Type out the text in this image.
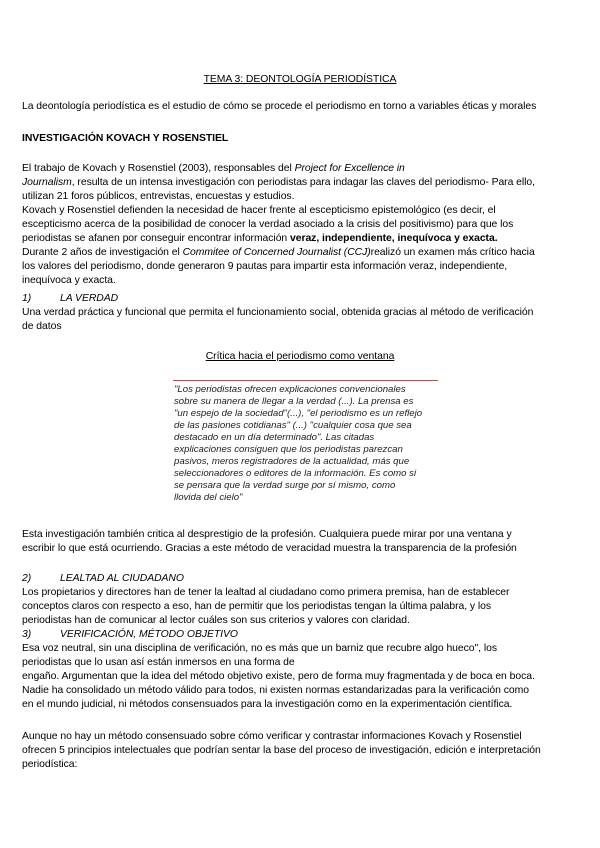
TEMA 3: DEONTOLOGÍA PERIODÍSTICA
La deontología periodística es el estudio de cómo se procede el periodismo en torno a variables éticas y morales
INVESTIGACIÓN KOVACH Y ROSENSTIEL
El trabajo de Kovach y Rosenstiel (2003), responsables del Project for Excellence in
Journalism, resulta de un intensa investigación con periodistas para indagar las claves del periodismo- Para ello,
utilizan 21 foros públicos, entrevistas, encuestas y estudios.
Kovach y Rosenstiel defienden la necesidad de hacer frente al escepticismo epistemológico (es decir, el
escepticismo acerca de la posibilidad de conocer la verdad asociado a la crisis del positivismo) para que los
periodistas se afanen por conseguir encontrar información veraz, independiente, inequívoca y exacta.
Durante 2 años de investigación el Commitee of Concerned Journalist (CCJ)realizó un examen más crítico hacia
los valores del periodismo, donde generaron 9 pautas para impartir esta información veraz, independiente,
inequívoca y exacta.
1)	LA VERDAD
Una verdad práctica y funcional que permita el funcionamiento social, obtenida gracias al método de verificación
de datos
Crítica hacia el periodismo como ventana
"Los periodistas ofrecen explicaciones convencionales
sobre su manera de llegar a la verdad (...). La prensa es
"un espejo de la sociedad"(...), "el periodismo es un reflejo
de las pasiones cotidianas" (...) "cualquier cosa que sea
destacado en un día determinado". Las citadas
explicaciones consiguen que los periodistas parezcan
pasivos, meros registradores de la actualidad, más que
seleccionadores o editores de la información. Es como si
se pensara que la verdad surge por sí mismo, como
llovida del cielo"
Esta investigación también critica al desprestigio de la profesión. Cualquiera puede mirar por una ventana y
escribir lo que está ocurriendo. Gracias a este método de veracidad muestra la transparencia de la profesión
2)	LEALTAD AL CIUDADANO
Los propietarios y directores han de tener la lealtad al ciudadano como primera premisa, han de establecer
conceptos claros con respecto a eso, han de permitir que los periodistas tengan la última palabra, y los
periodistas han de comunicar al lector cuáles son sus criterios y valores con claridad.
3)	VERIFICACIÓN, MÉTODO OBJETIVO
Esa voz neutral, sin una disciplina de verificación, no es más que un barniz que recubre algo hueco", los
periodistas que lo usan así están inmersos en una forma de
engaño. Argumentan que la idea del método objetivo existe, pero de forma muy fragmentada y de boca en boca.
Nadie ha consolidado un método válido para todos, ni existen normas estandarizadas para la verificación como
en el mundo judicial, ni métodos consensuados para la investigación como en la experimentación científica.
Aunque no hay un método consensuado sobre cómo verificar y contrastar informaciones Kovach y Rosenstiel
ofrecen 5 principios intelectuales que podrían sentar la base del proceso de investigación, edición e interpretación
periodística:
